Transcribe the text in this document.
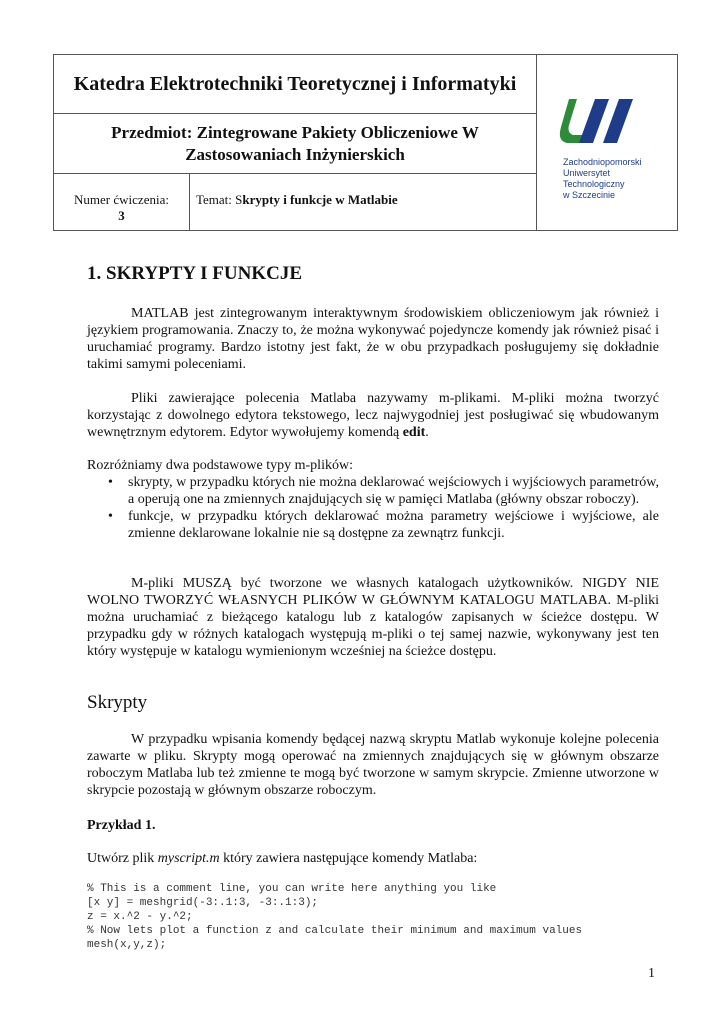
Katedra Elektrotechniki Teoretycznej i Informatyki
Przedmiot: Zintegrowane Pakiety Obliczeniowe W
Zastosowaniach Inżynierskich
Numer ćwiczenia:
3
Temat: Skrypty i funkcje w Matlabie
Zachodniopomorski
Uniwersytet
Technologiczny
w Szczecinie
1. SKRYPTY I FUNKCJE

MATLAB jest zintegrowanym interaktywnym środowiskiem obliczeniowym jak również i językiem programowania. Znaczy to, że można wykonywać pojedyncze komendy jak również pisać i uruchamiać programy. Bardzo istotny jest fakt, że w obu przypadkach posługujemy się dokładnie takimi samymi poleceniami.

Pliki zawierające polecenia Matlaba nazywamy m-plikami. M-pliki można tworzyć korzystając z dowolnego edytora tekstowego, lecz najwygodniej jest posługiwać się wbudowanym wewnętrznym edytorem. Edytor wywołujemy komendą edit.

Rozróżniamy dwa podstawowe typy m-plików:

• skrypty, w przypadku których nie można deklarować wejściowych i wyjściowych parametrów, a operują one na zmiennych znajdujących się w pamięci Matlaba (główny obszar roboczy).
• funkcje, w przypadku których deklarować można parametry wejściowe i wyjściowe, ale zmienne deklarowane lokalnie nie są dostępne za zewnątrz funkcji.

M-pliki MUSZĄ być tworzone we własnych katalogach użytkowników. NIGDY NIE WOLNO TWORZYĆ WŁASNYCH PLIKÓW W GŁÓWNYM KATALOGU MATLABA. M-pliki można uruchamiać z bieżącego katalogu lub z katalogów zapisanych w ścieżce dostępu. W przypadku gdy w różnych katalogach występują m-pliki o tej samej nazwie, wykonywany jest ten który występuje w katalogu wymienionym wcześniej na ścieżce dostępu.

Skrypty

W przypadku wpisania komendy będącej nazwą skryptu Matlab wykonuje kolejne polecenia zawarte w pliku. Skrypty mogą operować na zmiennych znajdujących się w głównym obszarze roboczym Matlaba lub też zmienne te mogą być tworzone w samym skrypcie. Zmienne utworzone w skrypcie pozostają w głównym obszarze roboczym.

Przykład 1.

Utwórz plik myscript.m który zawiera następujące komendy Matlaba:

% This is a comment line, you can write here anything you like
[x y] = meshgrid(-3:.1:3, -3:.1:3);
z = x.^2 - y.^2;
% Now lets plot a function z and calculate their minimum and maximum values
mesh(x,y,z);
1
